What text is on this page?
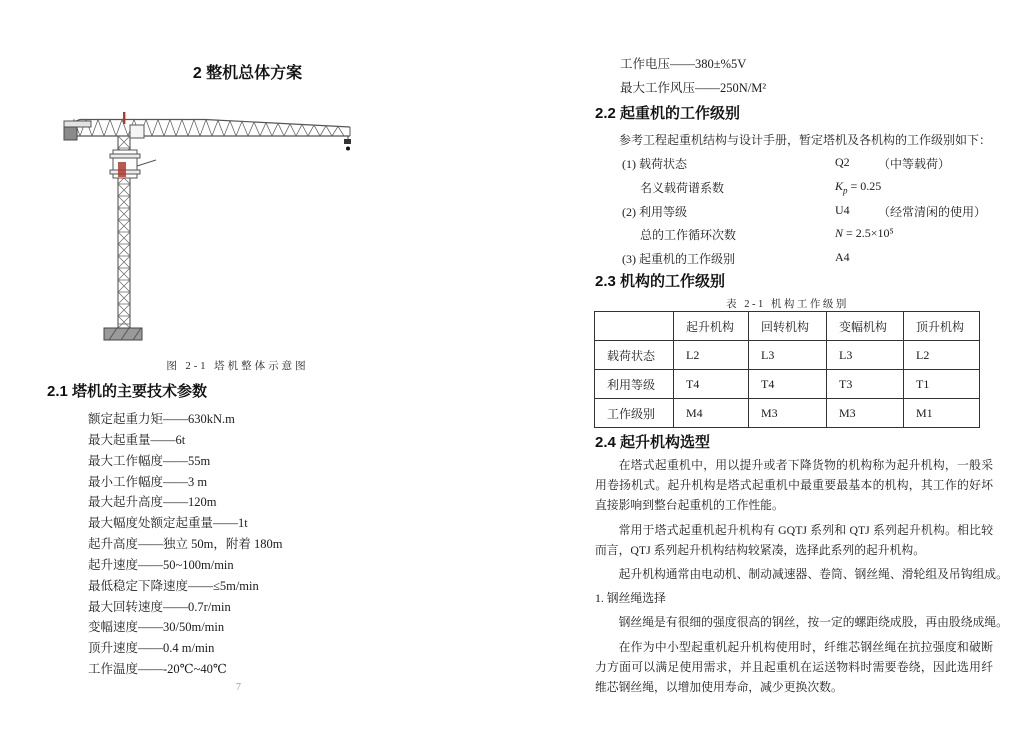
2 整机总体方案
图 2-1 塔机整体示意图
2.1 塔机的主要技术参数
额定起重力矩——630kN.m
最大起重量——6t
最大工作幅度——55m
最小工作幅度——3 m
最大起升高度——120m
最大幅度处额定起重量——1t
起升高度——独立 50m，附着 180m
起升速度——50~100m/min
最低稳定下降速度——≤5m/min
最大回转速度——0.7r/min
变幅速度——30/50m/min
顶升速度——0.4 m/min
工作温度——-20℃~40℃
7
工作电压——380±%5V
最大工作风压——250N/M²
2.2 起重机的工作级别
参考工程起重机结构与设计手册，暂定塔机及各机构的工作级别如下：
(1) 载荷状态	Q2 （中等载荷）
名义载荷谱系数	$K_p = 0.25$
(2) 利用等级	U4 （经常清闲的使用）
总的工作循环次数	N = 2.5×10⁵
(3) 起重机的工作级别	A4
2.3 机构的工作级别
表 2-1 机构工作级别
	起升机构	回转机构	变幅机构	顶升机构
载荷状态	L2	L3	L3	L2
利用等级	T4	T4	T3	T1
工作级别	M4	M3	M3	M1
2.4 起升机构选型

在塔式起重机中，用以提升或者下降货物的机构称为起升机构，一般采用卷扬机式。起升机构是塔式起重机中最重要最基本的机构，其工作的好坏直接影响到整台起重机的工作性能。

常用于塔式起重机起升机构有 GQTJ 系列和 QTJ 系列起升机构。相比较而言，QTJ 系列起升机构结构较紧凑，选择此系列的起升机构。

起升机构通常由电动机、制动减速器、卷筒、钢丝绳、滑轮组及吊钩组成。

1. 钢丝绳选择

钢丝绳是有很细的强度很高的钢丝，按一定的螺距绕成股，再由股绕成绳。

在作为中小型起重机起升机构使用时，纤维芯钢丝绳在抗拉强度和破断力方面可以满足使用需求，并且起重机在运送物料时需要卷绕，因此选用纤维芯钢丝绳，以增加使用寿命，减少更换次数。
